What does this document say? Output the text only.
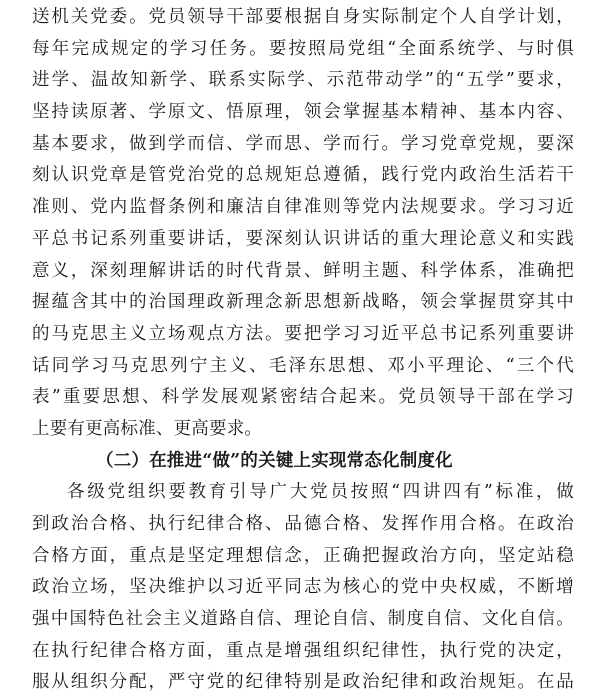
送机关党委。党员领导干部要根据自身实际制定个人自学计划，
每年完成规定的学习任务。要按照局党组“全面系统学、与时俱
进学、温故知新学、联系实际学、示范带动学”的“五学”要求，
坚持读原著、学原文、悟原理，领会掌握基本精神、基本内容、
基本要求，做到学而信、学而思、学而行。学习党章党规，要深
刻认识党章是管党治党的总规矩总遵循，践行党内政治生活若干
准则、党内监督条例和廉洁自律准则等党内法规要求。学习习近
平总书记系列重要讲话，要深刻认识讲话的重大理论意义和实践
意义，深刻理解讲话的时代背景、鲜明主题、科学体系，准确把
握蕴含其中的治国理政新理念新思想新战略，领会掌握贯穿其中
的马克思主义立场观点方法。要把学习习近平总书记系列重要讲
话同学习马克思列宁主义、毛泽东思想、邓小平理论、“三个代
表”重要思想、科学发展观紧密结合起来。党员领导干部在学习
上要有更高标准、更高要求。
（二）在推进“做”的关键上实现常态化制度化
各级党组织要教育引导广大党员按照“四讲四有”标准，做
到政治合格、执行纪律合格、品德合格、发挥作用合格。在政治
合格方面，重点是坚定理想信念，正确把握政治方向，坚定站稳
政治立场，坚决维护以习近平同志为核心的党中央权威，不断增
强中国特色社会主义道路自信、理论自信、制度自信、文化自信。
在执行纪律合格方面，重点是增强组织纪律性，执行党的决定，
服从组织分配，严守党的纪律特别是政治纪律和政治规矩。在品
